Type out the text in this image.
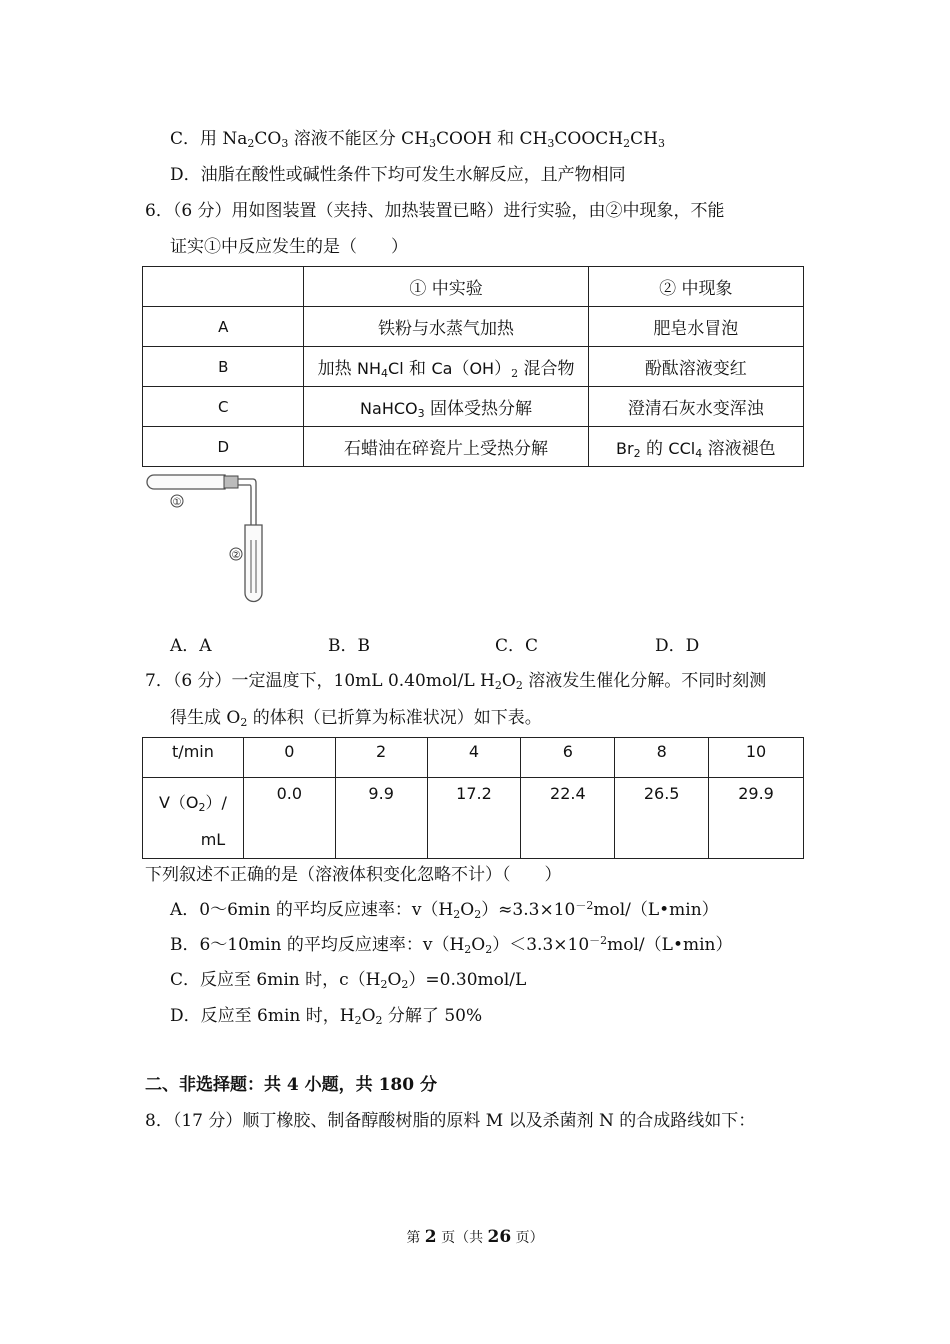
C．用 $Na_2CO_3$ 溶液不能区分 $CH_3COOH$ 和 $CH_3COOCH_2CH_3$
D．油脂在酸性或碱性条件下均可发生水解反应，且产物相同
6．（6 分）用如图装置（夹持、加热装置已略）进行实验，由②中现象，不能
证实①中反应发生的是（　　）
	① 中实验	② 中现象
A	铁粉与水蒸气加热	肥皂水冒泡
B	加热 $NH_4Cl$ 和 $Ca(OH)_2$ 混合物	酚酞溶液变红
C	NaHCO$_3$ 固体受热分解	澄清石灰水变浑浊
D	石蜡油在碎瓷片上受热分解	$Br_2$ 的 CCl$_4$ 溶液褪色
①
②
A．A	B．B	C．C	D．D
7．（6 分）一定温度下，10mL 0.40mol/L $H_2O_2$ 溶液发生催化分解。不同时刻测
得生成 $O_2$ 的体积（已折算为标准状况）如下表。
t/min	0	2	4	6	8	10
$V(O_2)/$
mL	0.0	9.9	17.2	22.4	26.5	29.9
下列叙述不正确的是（溶液体积变化忽略不计）（　　）
A．0～6min 的平均反应速率：$v(H_2O_2)\approx 3.3\times 10^{-2}mol/(L•\min)$
B．6～10min 的平均反应速率：$v(H_2O_2)<3.3\times 10^{-2}mol/(L•\min)$
C．反应至 6min 时，$c(H_2O_2)=0.30mol/L$
D．反应至 6min 时，$H_2O_2$ 分解了 50%
二、非选择题：共 4 小题，共 180 分
8．（17 分）顺丁橡胶、制备醇酸树脂的原料 M 以及杀菌剂 N 的合成路线如下：
第 2 页（共 26 页）
